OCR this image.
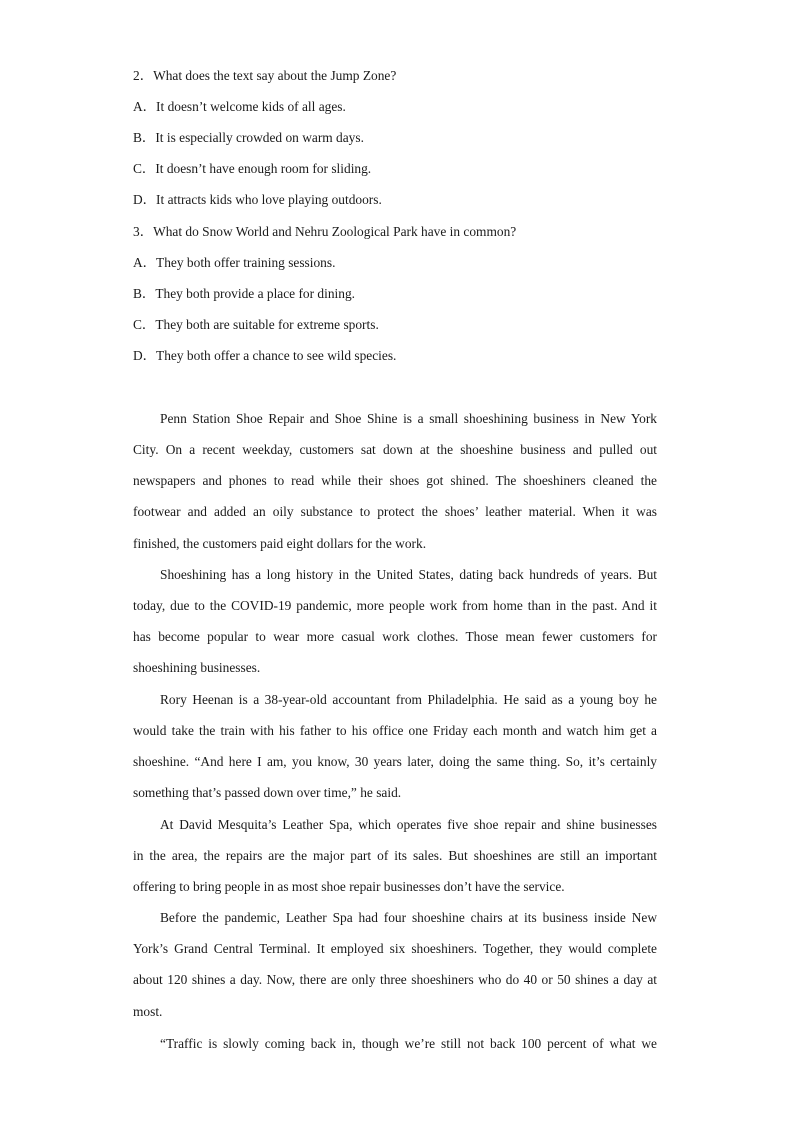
2．What does the text say about the Jump Zone?
A．It doesn’t welcome kids of all ages.
B．It is especially crowded on warm days.
C．It doesn’t have enough room for sliding.
D．It attracts kids who love playing outdoors.
3．What do Snow World and Nehru Zoological Park have in common?
A．They both offer training sessions.
B．They both provide a place for dining.
C．They both are suitable for extreme sports.
D．They both offer a chance to see wild species.
Penn Station Shoe Repair and Shoe Shine is a small shoeshining business in New York
City. On a recent weekday, customers sat down at the shoeshine business and pulled out
newspapers and phones to read while their shoes got shined. The shoeshiners cleaned the
footwear and added an oily substance to protect the shoes’ leather material. When it was
finished, the customers paid eight dollars for the work.
Shoeshining has a long history in the United States, dating back hundreds of years. But
today, due to the COVID-19 pandemic, more people work from home than in the past. And it
has become popular to wear more casual work clothes. Those mean fewer customers for
shoeshining businesses.
Rory Heenan is a 38-year-old accountant from Philadelphia. He said as a young boy he
would take the train with his father to his office one Friday each month and watch him get a
shoeshine. “And here I am, you know, 30 years later, doing the same thing. So, it’s certainly
something that’s passed down over time,” he said.
At David Mesquita’s Leather Spa, which operates five shoe repair and shine businesses
in the area, the repairs are the major part of its sales. But shoeshines are still an important
offering to bring people in as most shoe repair businesses don’t have the service.
Before the pandemic, Leather Spa had four shoeshine chairs at its business inside New
York’s Grand Central Terminal. It employed six shoeshiners. Together, they would complete
about 120 shines a day. Now, there are only three shoeshiners who do 40 or 50 shines a day at
most.
“Traffic is slowly coming back in, though we’re still not back 100 percent of what we
